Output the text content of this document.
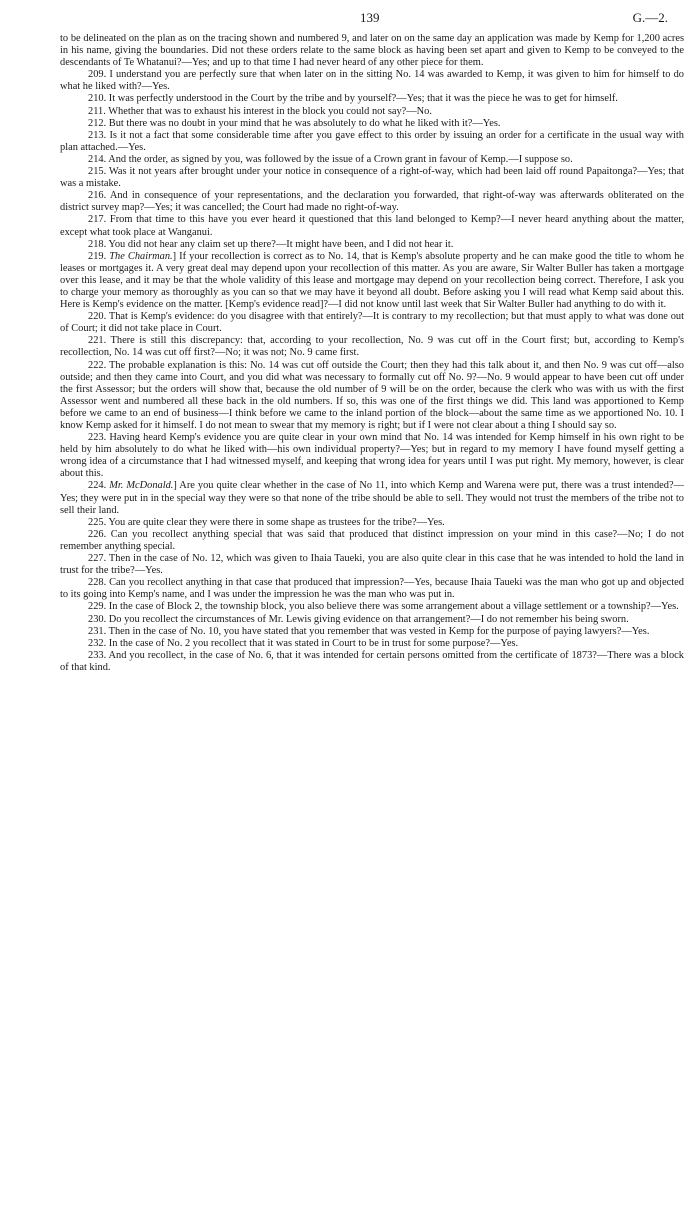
139	G.—2.

to be delineated on the plan as on the tracing shown and numbered 9, and later on on the same day an application was made by Kemp for 1,200 acres in his name, giving the boundaries. Did not these orders relate to the same block as having been set apart and given to Kemp to be conveyed to the descendants of Te Whatanui?—Yes; and up to that time I had never heard of any other piece for them.

209. I understand you are perfectly sure that when later on in the sitting No. 14 was awarded to Kemp, it was given to him for himself to do what he liked with?—Yes.

210. It was perfectly understood in the Court by the tribe and by yourself?—Yes; that it was the piece he was to get for himself.

211. Whether that was to exhaust his interest in the block you could not say?—No.

212. But there was no doubt in your mind that he was absolutely to do what he liked with it?—Yes.

213. Is it not a fact that some considerable time after you gave effect to this order by issuing an order for a certificate in the usual way with plan attached.—Yes.

214. And the order, as signed by you, was followed by the issue of a Crown grant in favour of Kemp.—I suppose so.

215. Was it not years after brought under your notice in consequence of a right-of-way, which had been laid off round Papaitonga?—Yes; that was a mistake.

216. And in consequence of your representations, and the declaration you forwarded, that right-of-way was afterwards obliterated on the district survey map?—Yes; it was cancelled; the Court had made no right-of-way.

217. From that time to this have you ever heard it questioned that this land belonged to Kemp?—I never heard anything about the matter, except what took place at Wanganui.

218. You did not hear any claim set up there?—It might have been, and I did not hear it.

219. The Chairman.] If your recollection is correct as to No. 14, that is Kemp's absolute property and he can make good the title to whom he leases or mortgages it. A very great deal may depend upon your recollection of this matter. As you are aware, Sir Walter Buller has taken a mortgage over this lease, and it may be that the whole validity of this lease and mortgage may depend on your recollection being correct. Therefore, I ask you to charge your memory as thoroughly as you can so that we may have it beyond all doubt. Before asking you I will read what Kemp said about this. Here is Kemp's evidence on the matter. [Kemp's evidence read]?—I did not know until last week that Sir Walter Buller had anything to do with it.

220. That is Kemp's evidence: do you disagree with that entirely?—It is contrary to my recollection; but that must apply to what was done out of Court; it did not take place in Court.

221. There is still this discrepancy: that, according to your recollection, No. 9 was cut off in the Court first; but, according to Kemp's recollection, No. 14 was cut off first?—No; it was not; No. 9 came first.

222. The probable explanation is this: No. 14 was cut off outside the Court; then they had this talk about it, and then No. 9 was cut off—also outside; and then they came into Court, and you did what was necessary to formally cut off No. 9?—No. 9 would appear to have been cut off under the first Assessor; but the orders will show that, because the old number of 9 will be on the order, because the clerk who was with us with the first Assessor went and numbered all these back in the old numbers. If so, this was one of the first things we did. This land was apportioned to Kemp before we came to an end of business—I think before we came to the inland portion of the block—about the same time as we apportioned No. 10. I know Kemp asked for it himself. I do not mean to swear that my memory is right; but if I were not clear about a thing I should say so.

223. Having heard Kemp's evidence you are quite clear in your own mind that No. 14 was intended for Kemp himself in his own right to be held by him absolutely to do what he liked with—his own individual property?—Yes; but in regard to my memory I have found myself getting a wrong idea of a circumstance that I had witnessed myself, and keeping that wrong idea for years until I was put right. My memory, however, is clear about this.

224. Mr. McDonald.] Are you quite clear whether in the case of No 11, into which Kemp and Warena were put, there was a trust intended?—Yes; they were put in in the special way they were so that none of the tribe should be able to sell. They would not trust the members of the tribe not to sell their land.

225. You are quite clear they were there in some shape as trustees for the tribe?—Yes.

226. Can you recollect anything special that was said that produced that distinct impression on your mind in this case?—No; I do not remember anything special.

227. Then in the case of No. 12, which was given to Ihaia Taueki, you are also quite clear in this case that he was intended to hold the land in trust for the tribe?—Yes.

228. Can you recollect anything in that case that produced that impression?—Yes, because Ihaia Taueki was the man who got up and objected to its going into Kemp's name, and I was under the impression he was the man who was put in.

229. In the case of Block 2, the township block, you also believe there was some arrangement about a village settlement or a township?—Yes.

230. Do you recollect the circumstances of Mr. Lewis giving evidence on that arrangement?—I do not remember his being sworn.

231. Then in the case of No. 10, you have stated that you remember that was vested in Kemp for the purpose of paying lawyers?—Yes.

232. In the case of No. 2 you recollect that it was stated in Court to be in trust for some purpose?—Yes.

233. And you recollect, in the case of No. 6, that it was intended for certain persons omitted from the certificate of 1873?—There was a block of that kind.
